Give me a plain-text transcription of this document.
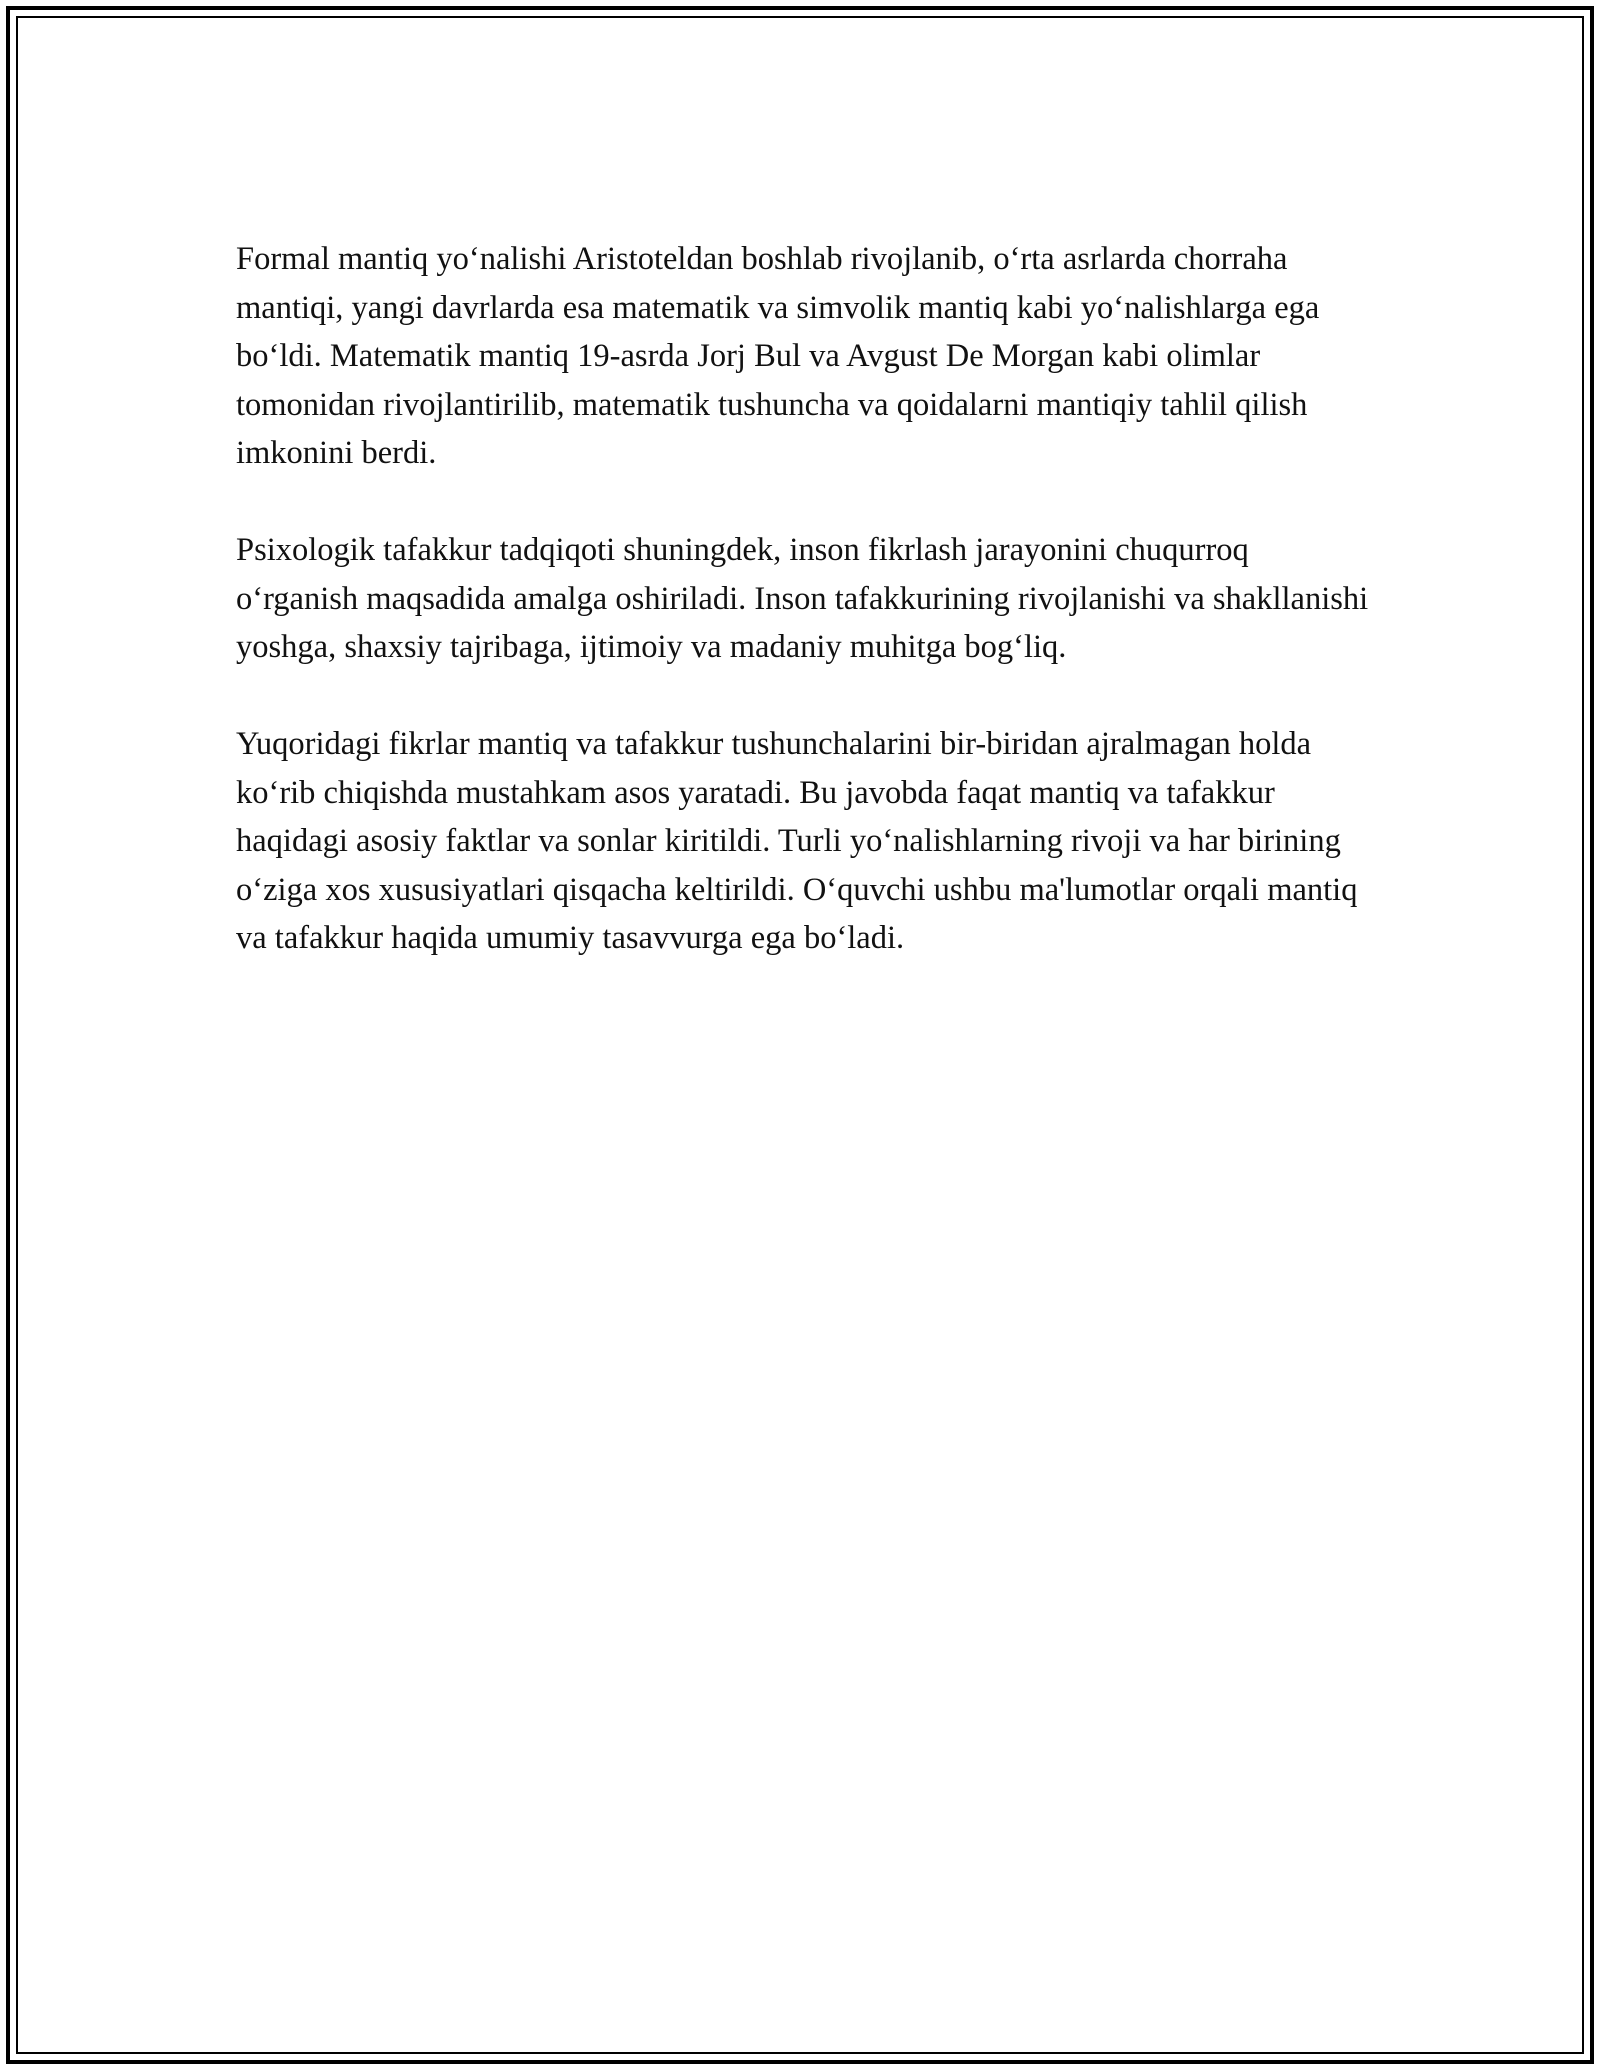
Formal mantiq yo‘nalishi Aristoteldan boshlab rivojlanib, o‘rta asrlarda chorraha mantiqi, yangi davrlarda esa matematik va simvolik mantiq kabi yo‘nalishlarga ega bo‘ldi. Matematik mantiq 19-asrda Jorj Bul va Avgust De Morgan kabi olimlar tomonidan rivojlantirilib, matematik tushuncha va qoidalarni mantiqiy tahlil qilish imkonini berdi.

Psixologik tafakkur tadqiqoti shuningdek, inson fikrlash jarayonini chuqurroq o‘rganish maqsadida amalga oshiriladi. Inson tafakkurining rivojlanishi va shakllanishi yoshga, shaxsiy tajribaga, ijtimoiy va madaniy muhitga bog‘liq.

Yuqoridagi fikrlar mantiq va tafakkur tushunchalarini bir-biridan ajralmagan holda ko‘rib chiqishda mustahkam asos yaratadi. Bu javobda faqat mantiq va tafakkur haqidagi asosiy faktlar va sonlar kiritildi. Turli yo‘nalishlarning rivoji va har birining o‘ziga xos xususiyatlari qisqacha keltirildi. O‘quvchi ushbu ma'lumotlar orqali mantiq va tafakkur haqida umumiy tasavvurga ega bo‘ladi.
